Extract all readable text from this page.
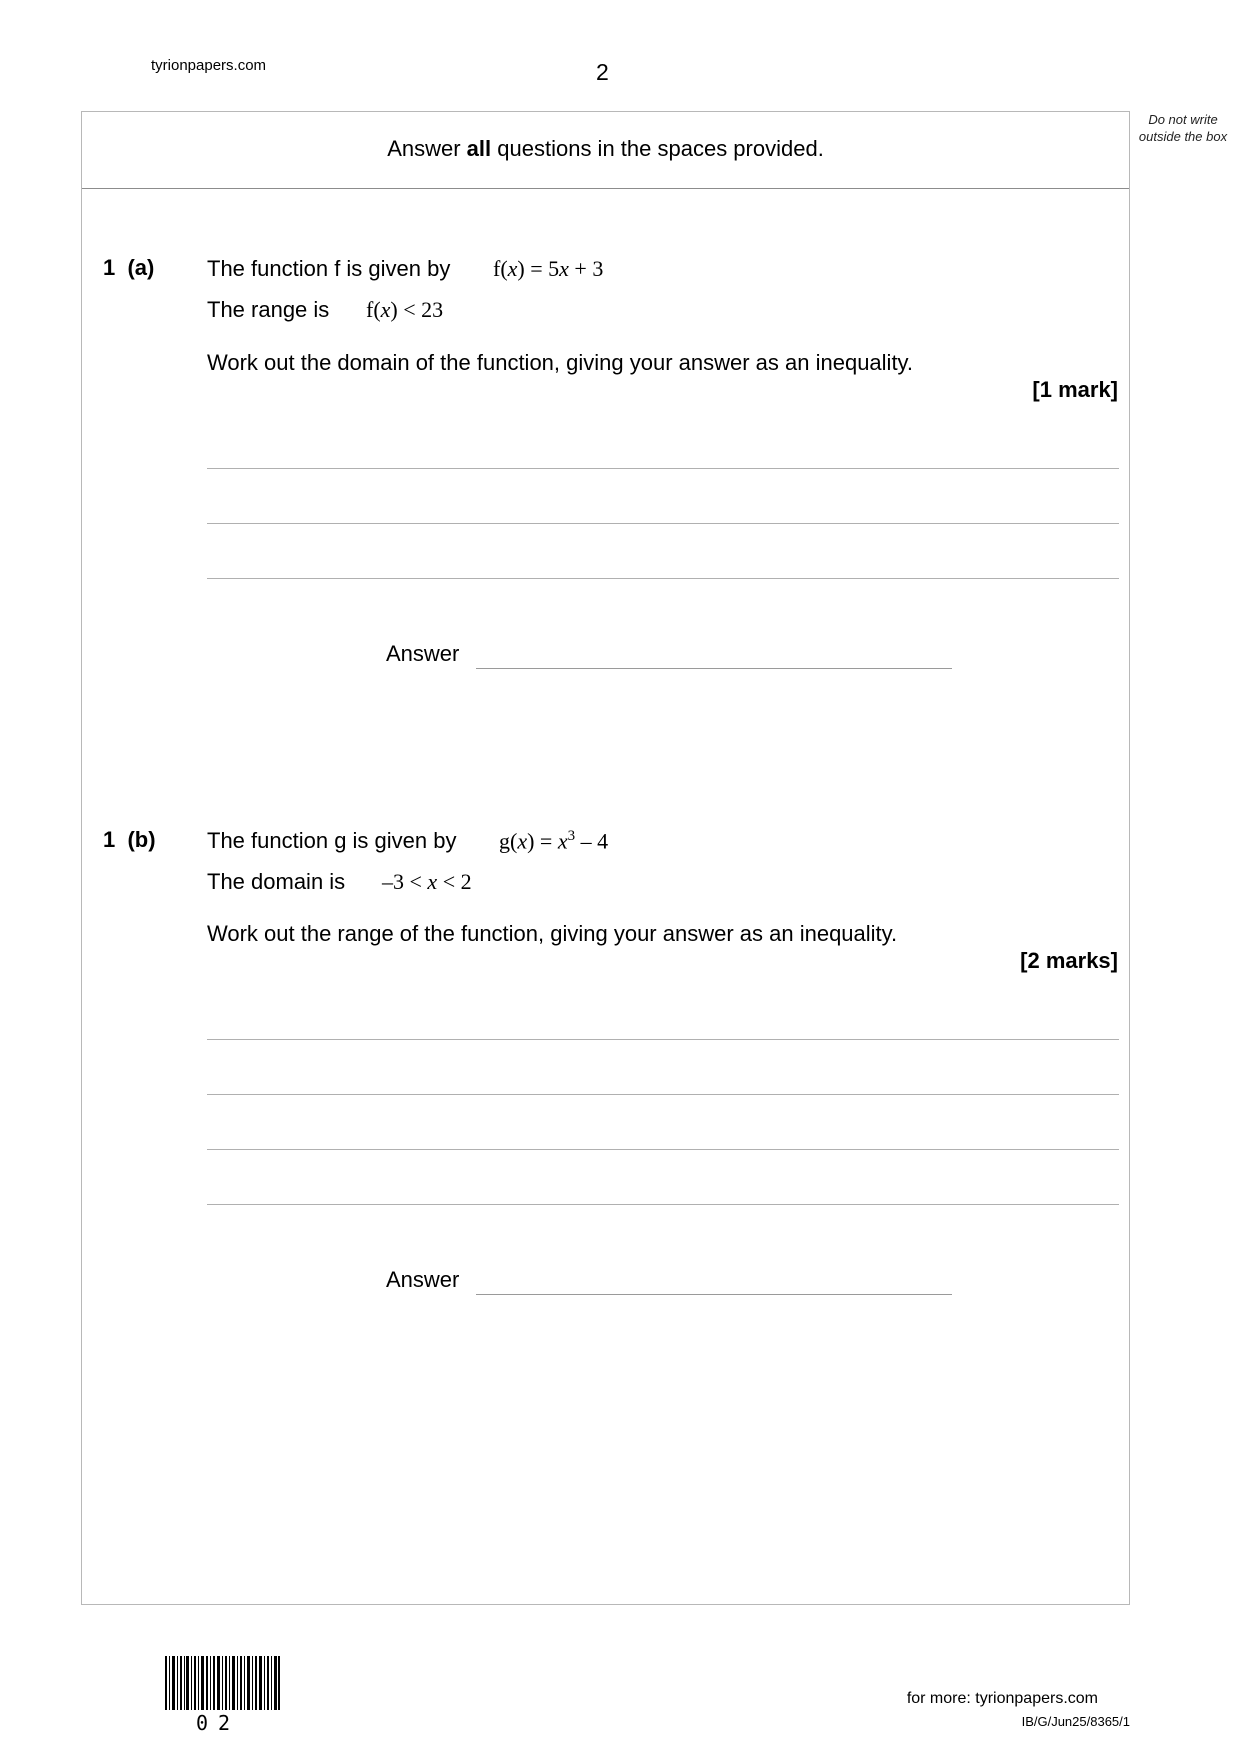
tyrionpapers.com	2
Do not write outside the box
Answer all questions in the spaces provided.
1 (a) The function f is given by f(x) = 5x + 3
The range is f(x) < 23
Work out the domain of the function, giving your answer as an inequality.
[1 mark]
Answer
1 (b) The function g is given by $g(x) = x^3 - 4$
The domain is –3 < x < 2
Work out the range of the function, giving your answer as an inequality.
[2 marks]
Answer
02
for more: tyrionpapers.com
IB/G/Jun25/8365/1
